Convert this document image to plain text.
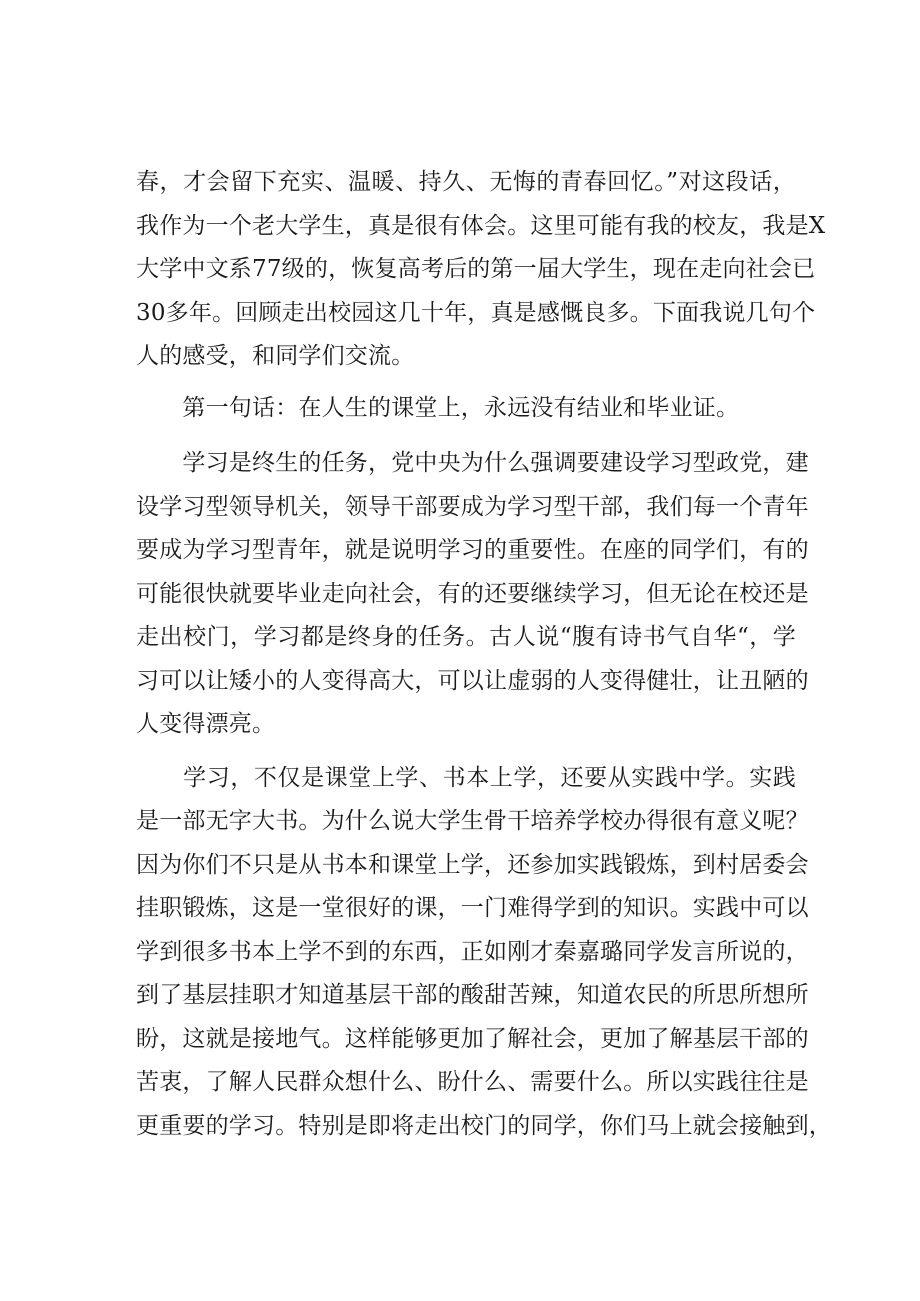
春，才会留下充实、温暖、持久、无悔的青春回忆。”对这段话，
我作为一个老大学生，真是很有体会。这里可能有我的校友，我是X
大学中文系77级的，恢复高考后的第一届大学生，现在走向社会已
30多年。回顾走出校园这几十年，真是感慨良多。下面我说几句个
人的感受，和同学们交流。
　　第一句话：在人生的课堂上，永远没有结业和毕业证。
　　学习是终生的任务，党中央为什么强调要建设学习型政党，建
设学习型领导机关，领导干部要成为学习型干部，我们每一个青年
要成为学习型青年，就是说明学习的重要性。在座的同学们，有的
可能很快就要毕业走向社会，有的还要继续学习，但无论在校还是
走出校门，学习都是终身的任务。古人说“腹有诗书气自华“，学
习可以让矮小的人变得高大，可以让虚弱的人变得健壮，让丑陋的
人变得漂亮。
　　学习，不仅是课堂上学、书本上学，还要从实践中学。实践
是一部无字大书。为什么说大学生骨干培养学校办得很有意义呢？
因为你们不只是从书本和课堂上学，还参加实践锻炼，到村居委会
挂职锻炼，这是一堂很好的课，一门难得学到的知识。实践中可以
学到很多书本上学不到的东西，正如刚才秦嘉璐同学发言所说的，
到了基层挂职才知道基层干部的酸甜苦辣，知道农民的所思所想所
盼，这就是接地气。这样能够更加了解社会，更加了解基层干部的
苦衷，了解人民群众想什么、盼什么、需要什么。所以实践往往是
更重要的学习。特别是即将走出校门的同学，你们马上就会接触到，
